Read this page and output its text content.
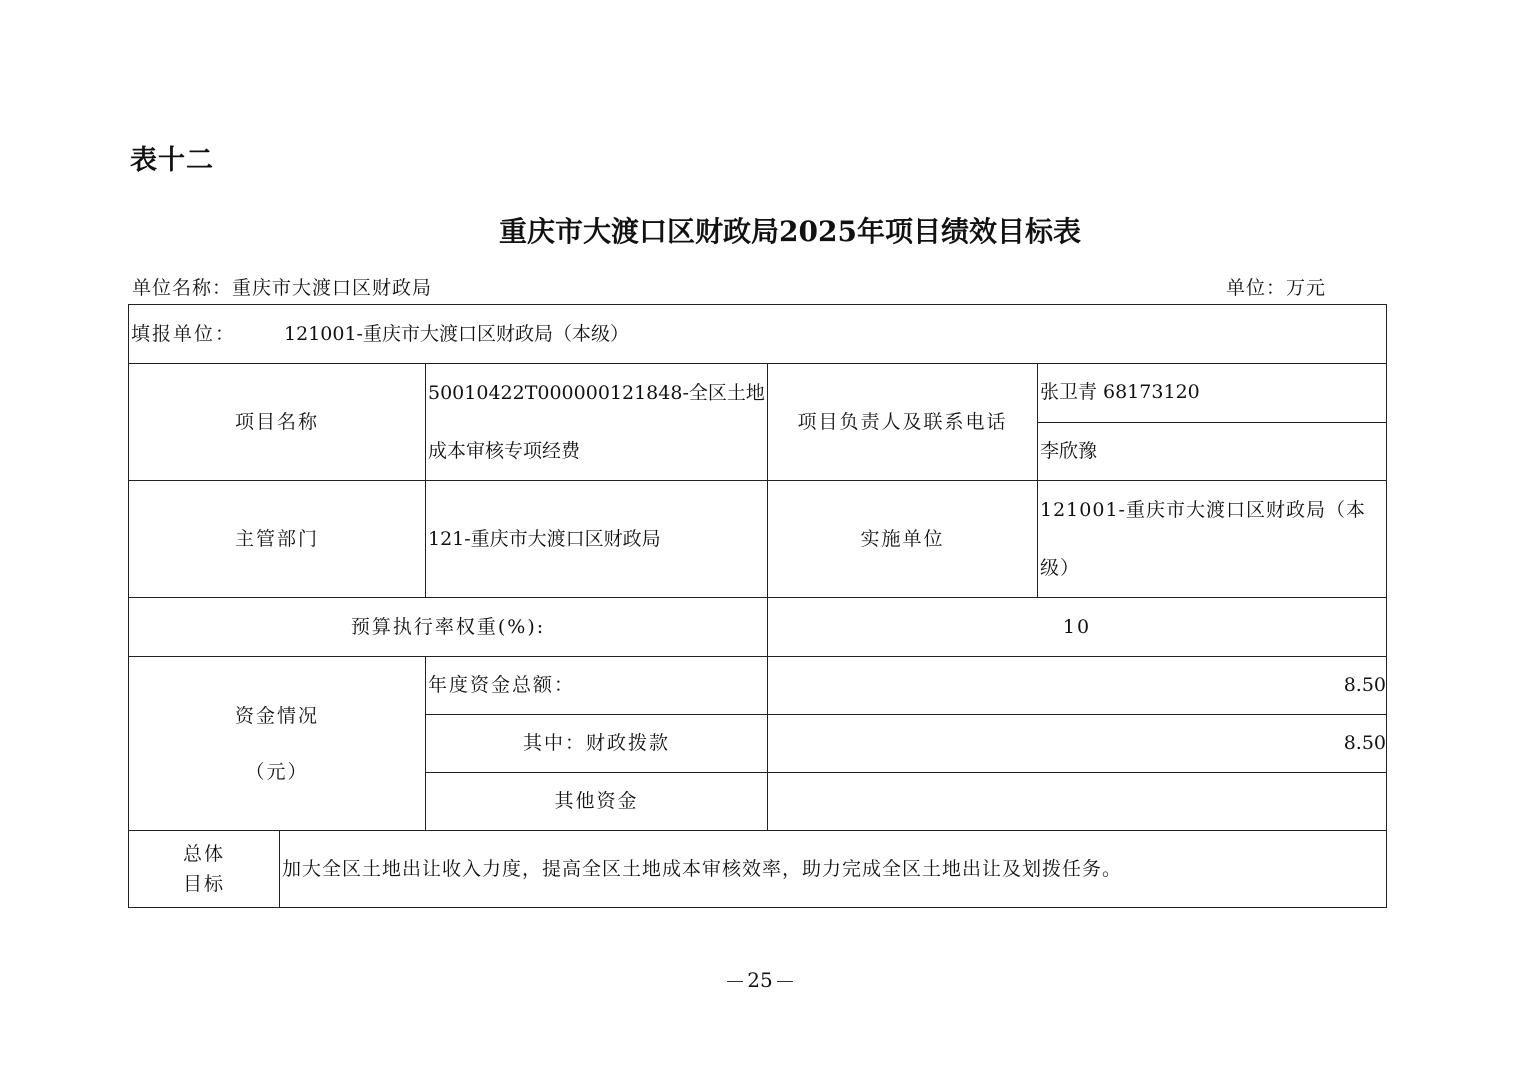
表十二
重庆市大渡口区财政局2025年项目绩效目标表
单位名称：重庆市大渡口区财政局	单位：万元
填报单位： 121001-重庆市大渡口区财政局（本级）				
项目名称		50010422T000000121848-全区土地成本审核专项经费	项目负责人及联系电话	张卫青 68173120
				李欣豫
主管部门		121-重庆市大渡口区财政局	实施单位	121001-重庆市大渡口区财政局（本级）
预算执行率权重(%):			10	

资金情况
（元）		年度资金总额：	8.50	
		其中：财政拨款	8.50	
		其他资金		

总体
目标	加大全区土地出让收入力度，提高全区土地成本审核效率，助力完成全区土地出让及划拨任务。			
25
